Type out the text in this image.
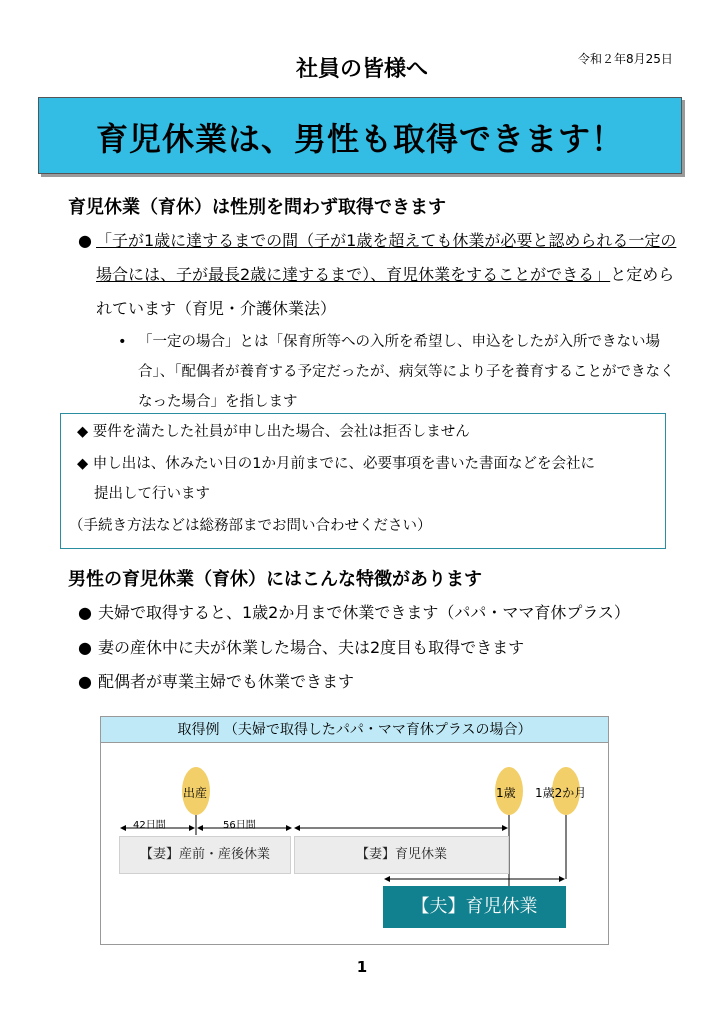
令和２年8月25日
社員の皆様へ
育児休業は、男性も取得できます！
育児休業（育休）は性別を問わず取得できます
● 「子が1歳に達するまでの間（子が1歳を超えても休業が必要と認められる一定の場合には、子が最長2歳に達するまで）、育児休業をすることができる」と定められています（育児・介護休業法）
• 「一定の場合」とは「保育所等への入所を希望し、申込をしたが入所できない場合」、「配偶者が養育する予定だったが、病気等により子を養育することができなくなった場合」を指します
◆ 要件を満たした社員が申し出た場合、会社は拒否しません
◆ 申し出は、休みたい日の1か月前までに、必要事項を書いた書面などを会社に
提出して行います
（手続き方法などは総務部までお問い合わせください）
男性の育児休業（育休）にはこんな特徴があります
● 夫婦で取得すると、1歳2か月まで休業できます（パパ・ママ育休プラス）
● 妻の産休中に夫が休業した場合、夫は2度目も取得できます
● 配偶者が専業主婦でも休業できます
取得例 （夫婦で取得したパパ・ママ育休プラスの場合）
出産	1歳 1歳2か月
42日間	56日間
【妻】産前・産後休業	【妻】育児休業
【夫】育児休業
1
